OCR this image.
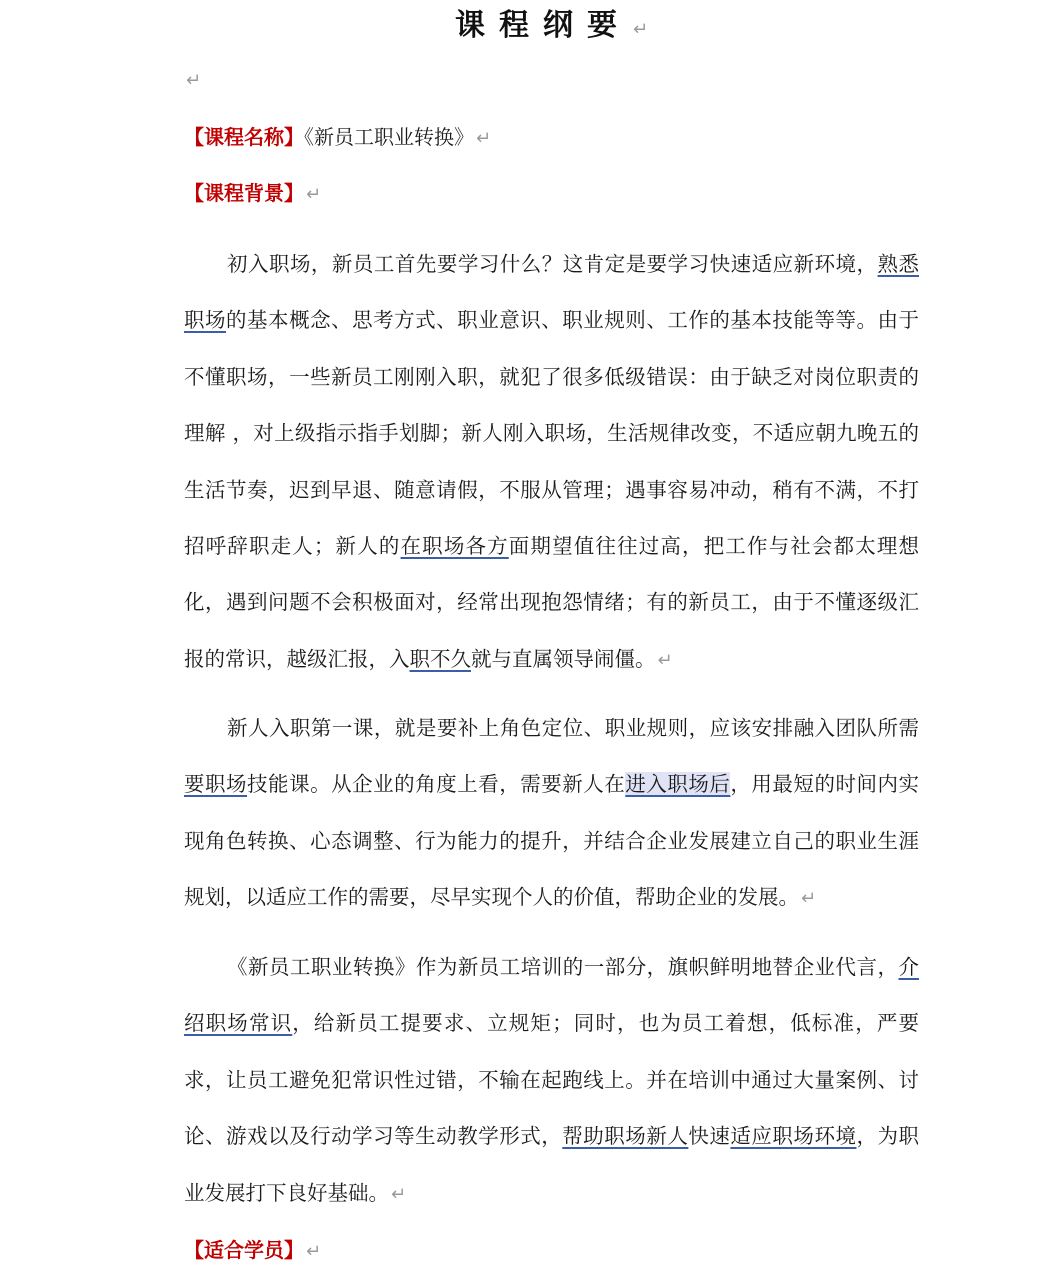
课程纲要 ↵
↵
【课程名称】《新员工职业转换》 ↵
【课程背景】 ↵
初入职场，新员工首先要学习什么？这肯定是要学习快速适应新环境，熟悉职场的基本概念、思考方式、职业意识、职业规则、工作的基本技能等等。由于不懂职场，一些新员工刚刚入职，就犯了很多低级错误：由于缺乏对岗位职责的理解 ，对上级指示指手划脚；新人刚入职场，生活规律改变，不适应朝九晚五的生活节奏，迟到早退、随意请假，不服从管理；遇事容易冲动，稍有不满，不打招呼辞职走人；新人的在职场各方面期望值往往过高，把工作与社会都太理想化，遇到问题不会积极面对，经常出现抱怨情绪；有的新员工，由于不懂逐级汇报的常识，越级汇报，入职不久就与直属领导闹僵。 ↵
新人入职第一课，就是要补上角色定位、职业规则，应该安排融入团队所需要职场技能课。从企业的角度上看，需要新人在进入职场后，用最短的时间内实现角色转换、心态调整、行为能力的提升，并结合企业发展建立自己的职业生涯规划，以适应工作的需要，尽早实现个人的价值，帮助企业的发展。 ↵
《新员工职业转换》作为新员工培训的一部分，旗帜鲜明地替企业代言，介绍职场常识，给新员工提要求、立规矩；同时，也为员工着想，低标准，严要求，让员工避免犯常识性过错，不输在起跑线上。并在培训中通过大量案例、讨论、游戏以及行动学习等生动教学形式，帮助职场新人快速适应职场环境，为职业发展打下良好基础。 ↵
【适合学员】 ↵
